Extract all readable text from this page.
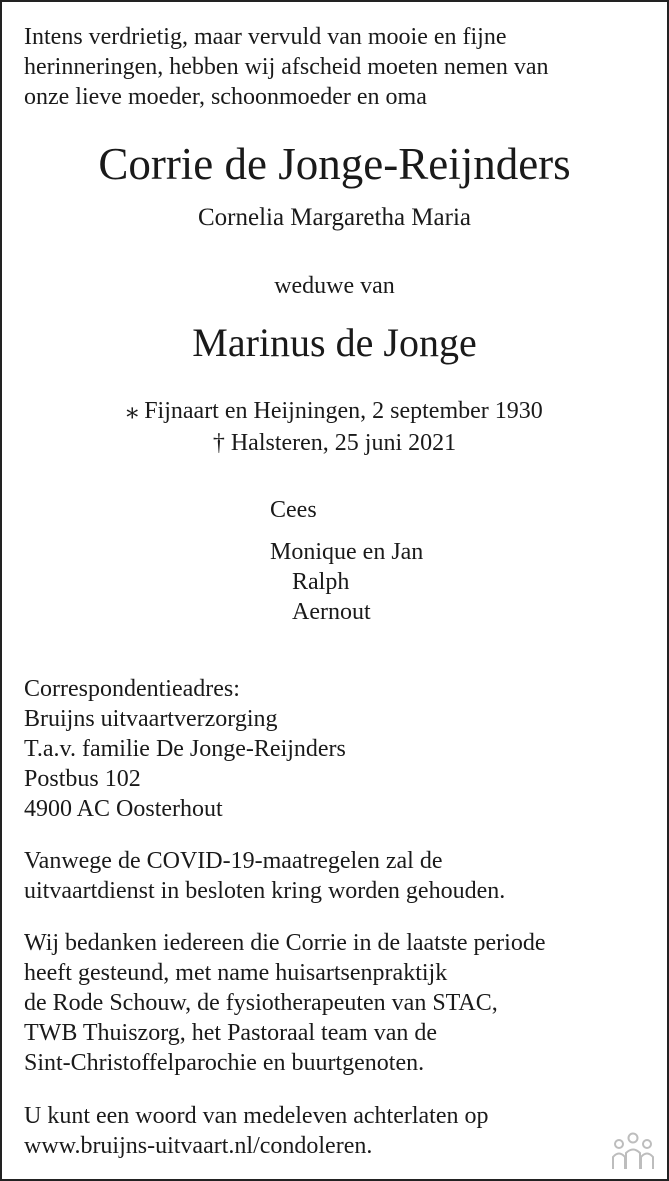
Intens verdrietig, maar vervuld van mooie en fijne
herinneringen, hebben wij afscheid moeten nemen van
onze lieve moeder, schoonmoeder en oma
Corrie de Jonge-Reijnders
Cornelia Margaretha Maria
weduwe van
Marinus de Jonge
⁎ Fijnaart en Heijningen, 2 september 1930
† Halsteren, 25 juni 2021
Cees
Monique en Jan
Ralph
Aernout
Correspondentieadres:
Bruijns uitvaartverzorging
T.a.v. familie De Jonge-Reijnders
Postbus 102
4900 AC Oosterhout
Vanwege de COVID-19-maatregelen zal de
uitvaartdienst in besloten kring worden gehouden.
Wij bedanken iedereen die Corrie in de laatste periode
heeft gesteund, met name huisartsenpraktijk
de Rode Schouw, de fysiotherapeuten van STAC,
TWB Thuiszorg, het Pastoraal team van de
Sint-Christoffelparochie en buurtgenoten.
U kunt een woord van medeleven achterlaten op
www.bruijns-uitvaart.nl/condoleren.
